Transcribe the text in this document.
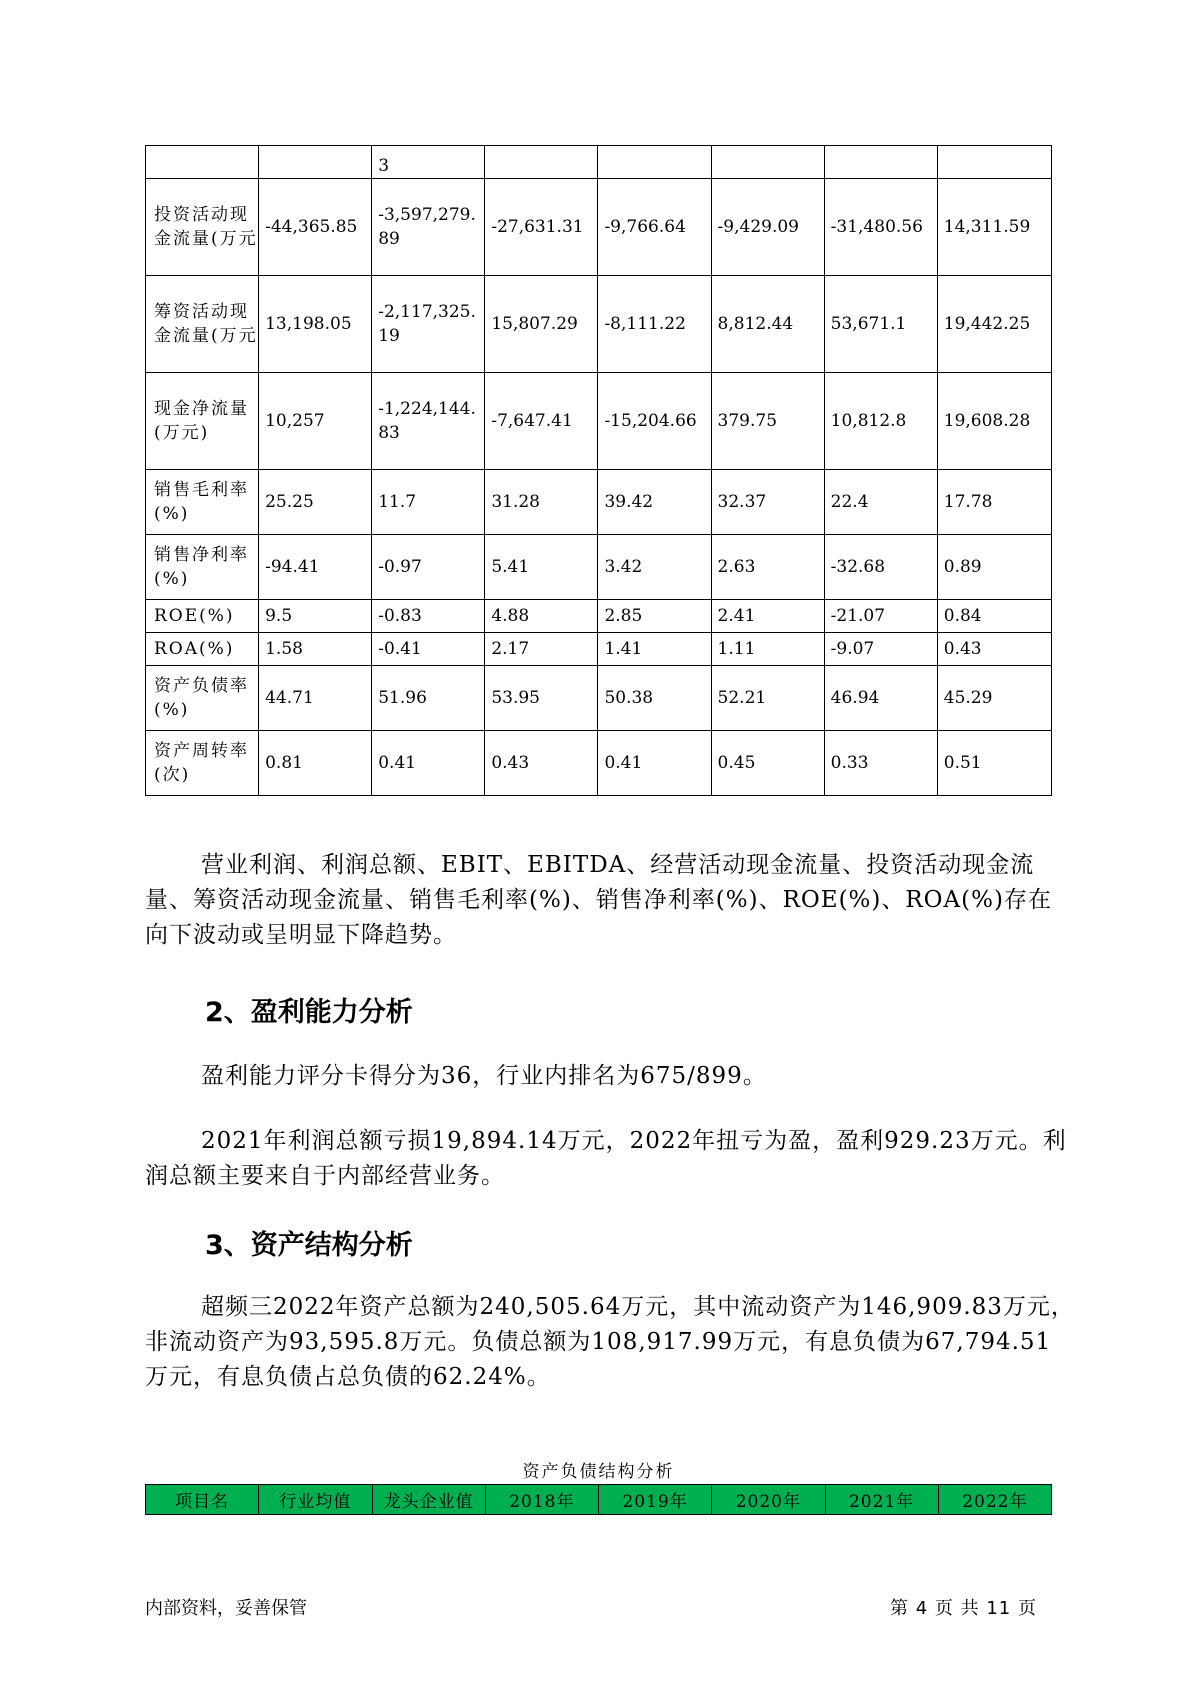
		3					
投资活动现金流量(万元	-44,365.85	-3,597,279.89	-27,631.31	-9,766.64	-9,429.09	-31,480.56	14,311.59
筹资活动现金流量(万元	13,198.05	-2,117,325.19	15,807.29	-8,111.22	8,812.44	53,671.1	19,442.25
现金净流量(万元)	10,257	-1,224,144.83	-7,647.41	-15,204.66	379.75	10,812.8	19,608.28
销售毛利率(%)	25.25	11.7	31.28	39.42	32.37	22.4	17.78
销售净利率(%)	-94.41	-0.97	5.41	3.42	2.63	-32.68	0.89
ROE(%)	9.5	-0.83	4.88	2.85	2.41	-21.07	0.84
ROA(%)	1.58	-0.41	2.17	1.41	1.11	-9.07	0.43
资产负债率(%)	44.71	51.96	53.95	50.38	52.21	46.94	45.29
资产周转率(次)	0.81	0.41	0.43	0.41	0.45	0.33	0.51

营业利润、利润总额、EBIT、EBITDA、经营活动现金流量、投资活动现金流量、筹资活动现金流量、销售毛利率(%)、销售净利率(%)、ROE(%)、ROA(%)存在向下波动或呈明显下降趋势。

2、盈利能力分析

盈利能力评分卡得分为36，行业内排名为675/899。

2021年利润总额亏损19,894.14万元，2022年扭亏为盈，盈利929.23万元。利润总额主要来自于内部经营业务。

3、资产结构分析

超频三2022年资产总额为240,505.64万元，其中流动资产为146,909.83万元，非流动资产为93,595.8万元。负债总额为108,917.99万元，有息负债为67,794.51万元，有息负债占总负债的62.24%。

资产负债结构分析
项目名	行业均值	龙头企业值	2018年	2019年	2020年	2021年	2022年
内部资料，妥善保管	第 4 页 共 11 页
